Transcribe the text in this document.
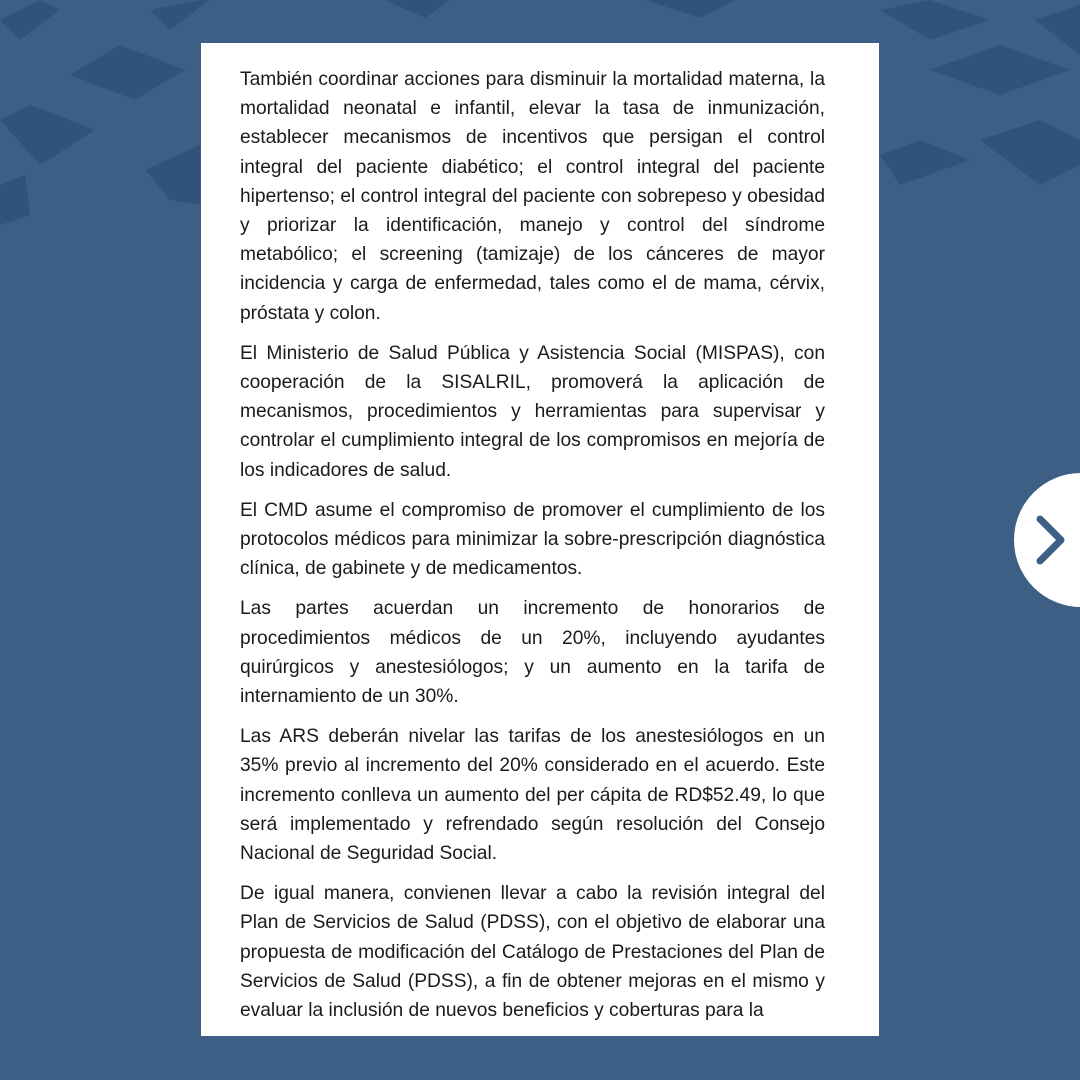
También coordinar acciones para disminuir la mortalidad materna, la mortalidad neonatal e infantil, elevar la tasa de inmunización, establecer mecanismos de incentivos que persigan el control integral del paciente diabético; el control integral del paciente hipertenso; el control integral del paciente con sobrepeso y obesidad y priorizar la identificación, manejo y control del síndrome metabólico; el screening (tamizaje) de los cánceres de mayor incidencia y carga de enfermedad, tales como el de mama, cérvix, próstata y colon.

El Ministerio de Salud Pública y Asistencia Social (MISPAS), con cooperación de la SISALRIL, promoverá la aplicación de mecanismos, procedimientos y herramientas para supervisar y controlar el cumplimiento integral de los compromisos en mejoría de los indicadores de salud.

El CMD asume el compromiso de promover el cumplimiento de los protocolos médicos para minimizar la sobre-prescripción diagnóstica clínica, de gabinete y de medicamentos.

Las partes acuerdan un incremento de honorarios de procedimientos médicos de un 20%, incluyendo ayudantes quirúrgicos y anestesiólogos; y un aumento en la tarifa de internamiento de un 30%.

Las ARS deberán nivelar las tarifas de los anestesiólogos en un 35% previo al incremento del 20% considerado en el acuerdo. Este incremento conlleva un aumento del per cápita de RD$52.49, lo que será implementado y refrendado según resolución del Consejo Nacional de Seguridad Social.

De igual manera, convienen llevar a cabo la revisión integral del Plan de Servicios de Salud (PDSS), con el objetivo de elaborar una propuesta de modificación del Catálogo de Prestaciones del Plan de Servicios de Salud (PDSS), a fin de obtener mejoras en el mismo y evaluar la inclusión de nuevos beneficios y coberturas para la
